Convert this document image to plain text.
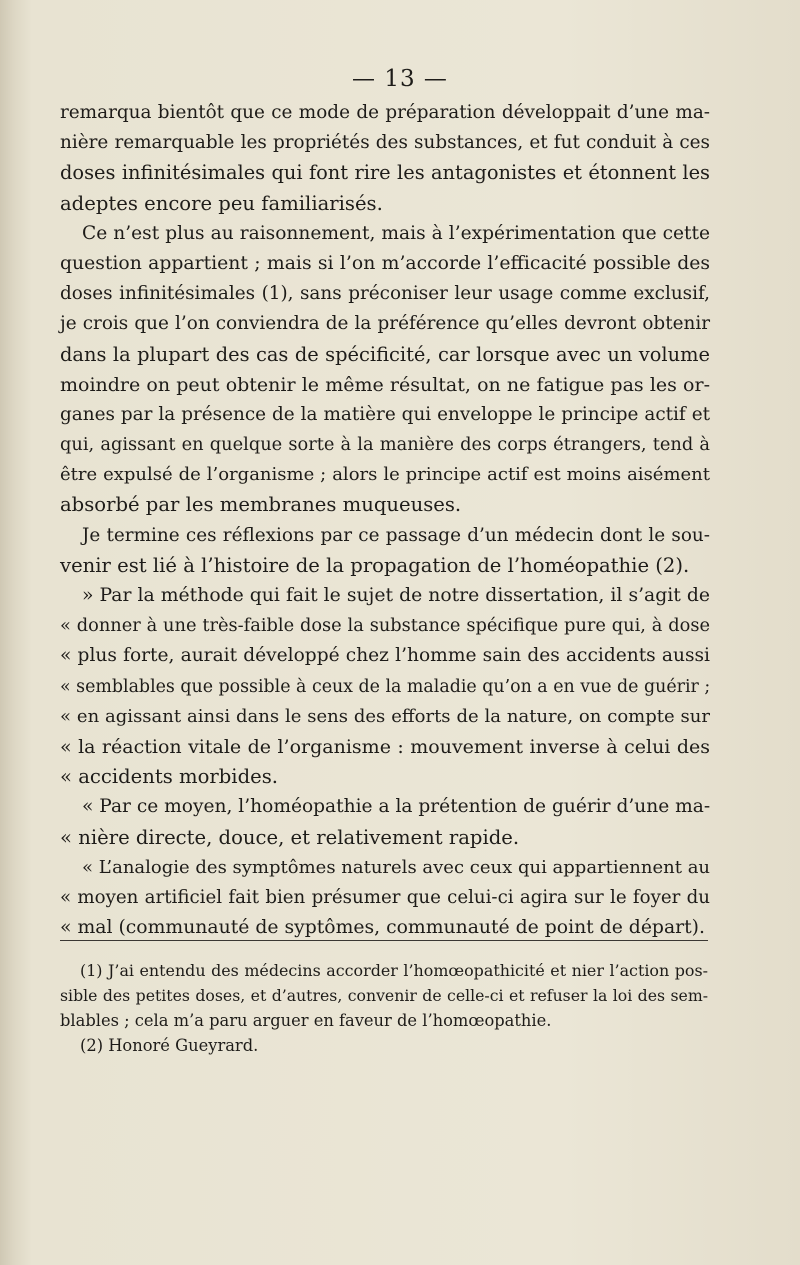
— 13 —
remarqua bientôt que ce mode de préparation développait d’une ma-
nière remarquable les propriétés des substances, et fut conduit à ces
doses infinitésimales qui font rire les antagonistes et étonnent les
adeptes encore peu familiarisés.
Ce n’est plus au raisonnement, mais à l’expérimentation que cette
question appartient ; mais si l’on m’accorde l’efficacité possible des
doses infinitésimales (1), sans préconiser leur usage comme exclusif,
je crois que l’on conviendra de la préférence qu’elles devront obtenir
dans la plupart des cas de spécificité, car lorsque avec un volume
moindre on peut obtenir le même résultat, on ne fatigue pas les or-
ganes par la présence de la matière qui enveloppe le principe actif et
qui, agissant en quelque sorte à la manière des corps étrangers, tend à
être expulsé de l’organisme ; alors le principe actif est moins aisément
absorbé par les membranes muqueuses.
Je termine ces réflexions par ce passage d’un médecin dont le sou-
venir est lié à l’histoire de la propagation de l’homéopathie (2).
» Par la méthode qui fait le sujet de notre dissertation, il s’agit de
« donner à une très-faible dose la substance spécifique pure qui, à dose
« plus forte, aurait développé chez l’homme sain des accidents aussi
« semblables que possible à ceux de la maladie qu’on a en vue de guérir ;
« en agissant ainsi dans le sens des efforts de la nature, on compte sur
« la réaction vitale de l’organisme : mouvement inverse à celui des
« accidents morbides.
« Par ce moyen, l’homéopathie a la prétention de guérir d’une ma-
« nière directe, douce, et relativement rapide.
« L’analogie des symptômes naturels avec ceux qui appartiennent au
« moyen artificiel fait bien présumer que celui-ci agira sur le foyer du
« mal (communauté de syptômes, communauté de point de départ).
(1) J’ai entendu des médecins accorder l’homœopathicité et nier l’action pos-
sible des petites doses, et d’autres, convenir de celle-ci et refuser la loi des sem-
blables ; cela m’a paru arguer en faveur de l’homœopathie.
(2) Honoré Gueyrard.
